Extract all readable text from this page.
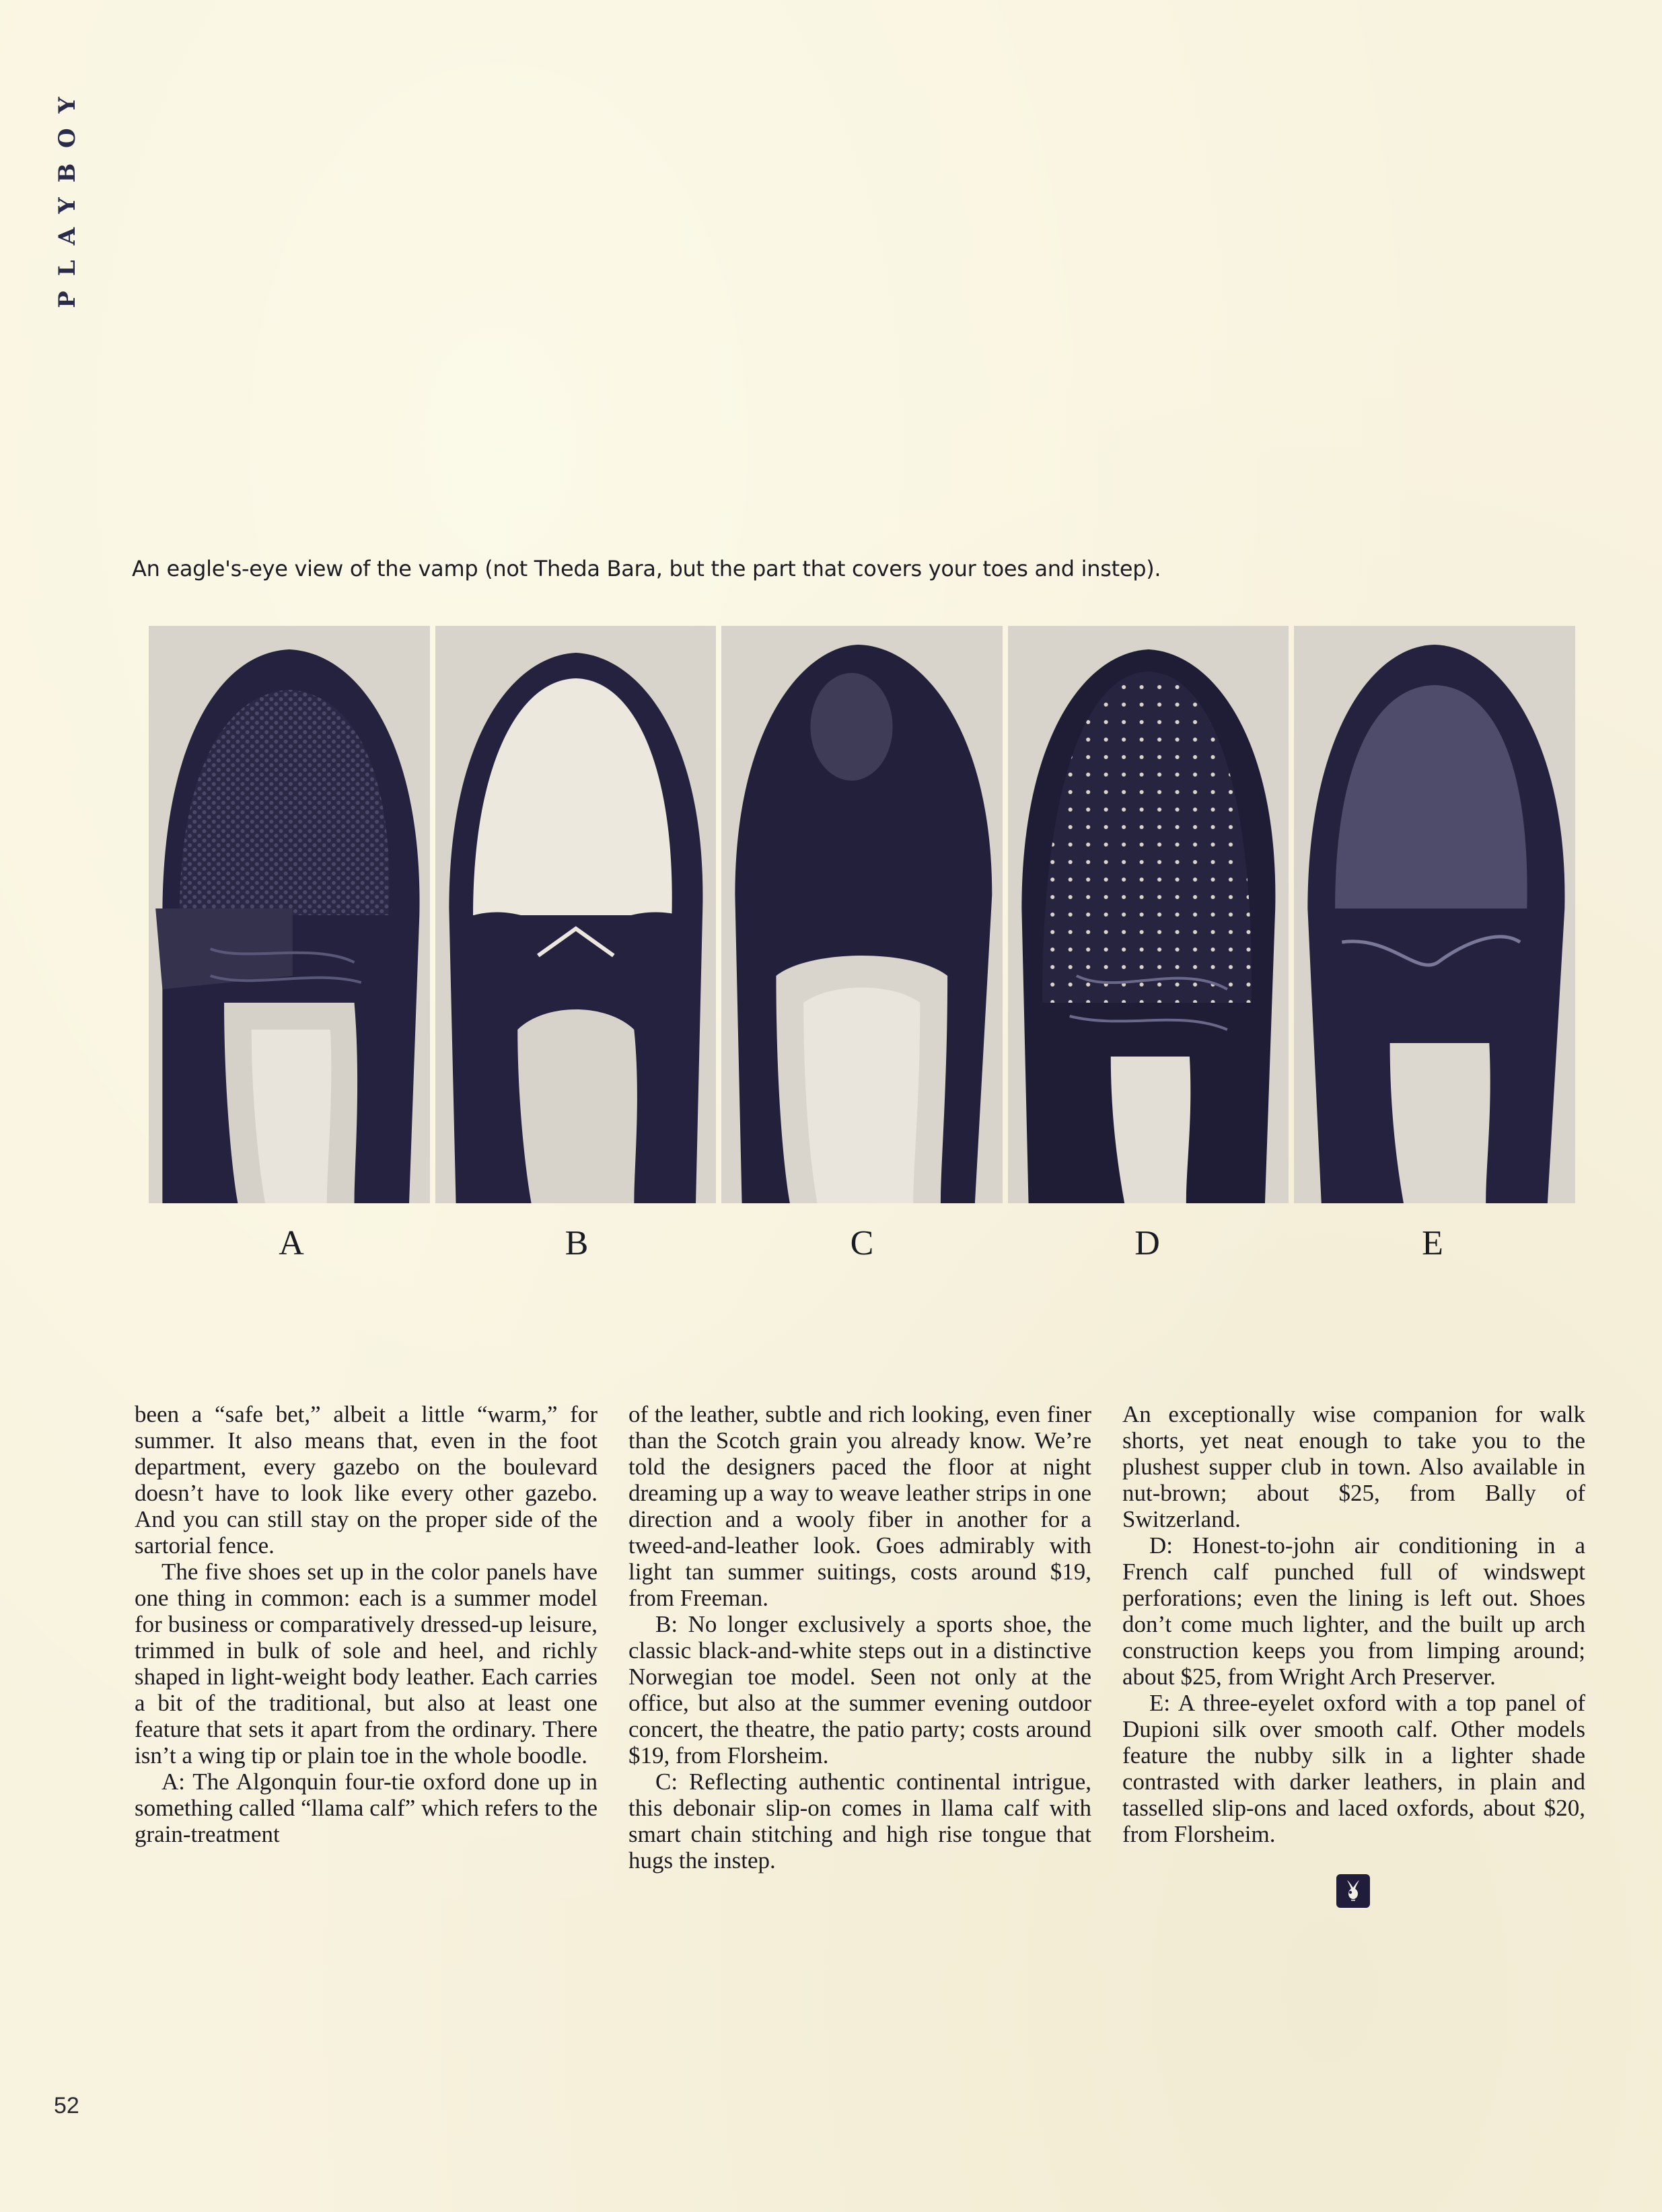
PLAYBOY
An eagle's-eye view of the vamp (not Theda Bara, but the part that covers your toes and instep).
A	B	C	D	E

been a “safe bet,” albeit a little “warm,” for summer. It also means that, even in the foot department, every gazebo on the boulevard doesn’t have to look like every other gazebo. And you can still stay on the proper side of the sartorial fence.

The five shoes set up in the color panels have one thing in common: each is a summer model for business or comparatively dressed-up leisure, trimmed in bulk of sole and heel, and richly shaped in light-weight body leather. Each carries a bit of the traditional, but also at least one feature that sets it apart from the ordinary. There isn’t a wing tip or plain toe in the whole boodle.

A: The Algonquin four-tie oxford done up in something called “llama calf” which refers to the grain-treatment

of the leather, subtle and rich looking, even finer than the Scotch grain you already know. We’re told the designers paced the floor at night dreaming up a way to weave leather strips in one direction and a wooly fiber in another for a tweed-and-leather look. Goes admirably with light tan summer suitings, costs around $19, from Freeman.

B: No longer exclusively a sports shoe, the classic black-and-white steps out in a distinctive Norwegian toe model. Seen not only at the office, but also at the summer evening outdoor concert, the theatre, the patio party; costs around $19, from Florsheim.

C: Reflecting authentic continental intrigue, this debonair slip-on comes in llama calf with smart chain stitching and high rise tongue that hugs the instep.

An exceptionally wise companion for walk shorts, yet neat enough to take you to the plushest supper club in town. Also available in nut-brown; about $25, from Bally of Switzerland.

D: Honest-to-john air conditioning in a French calf punched full of windswept perforations; even the lining is left out. Shoes don’t come much lighter, and the built up arch construction keeps you from limping around; about $25, from Wright Arch Preserver.

E: A three-eyelet oxford with a top panel of Dupioni silk over smooth calf. Other models feature the nubby silk in a lighter shade contrasted with darker leathers, in plain and tasselled slip-ons and laced oxfords, about $20, from Florsheim.

52
